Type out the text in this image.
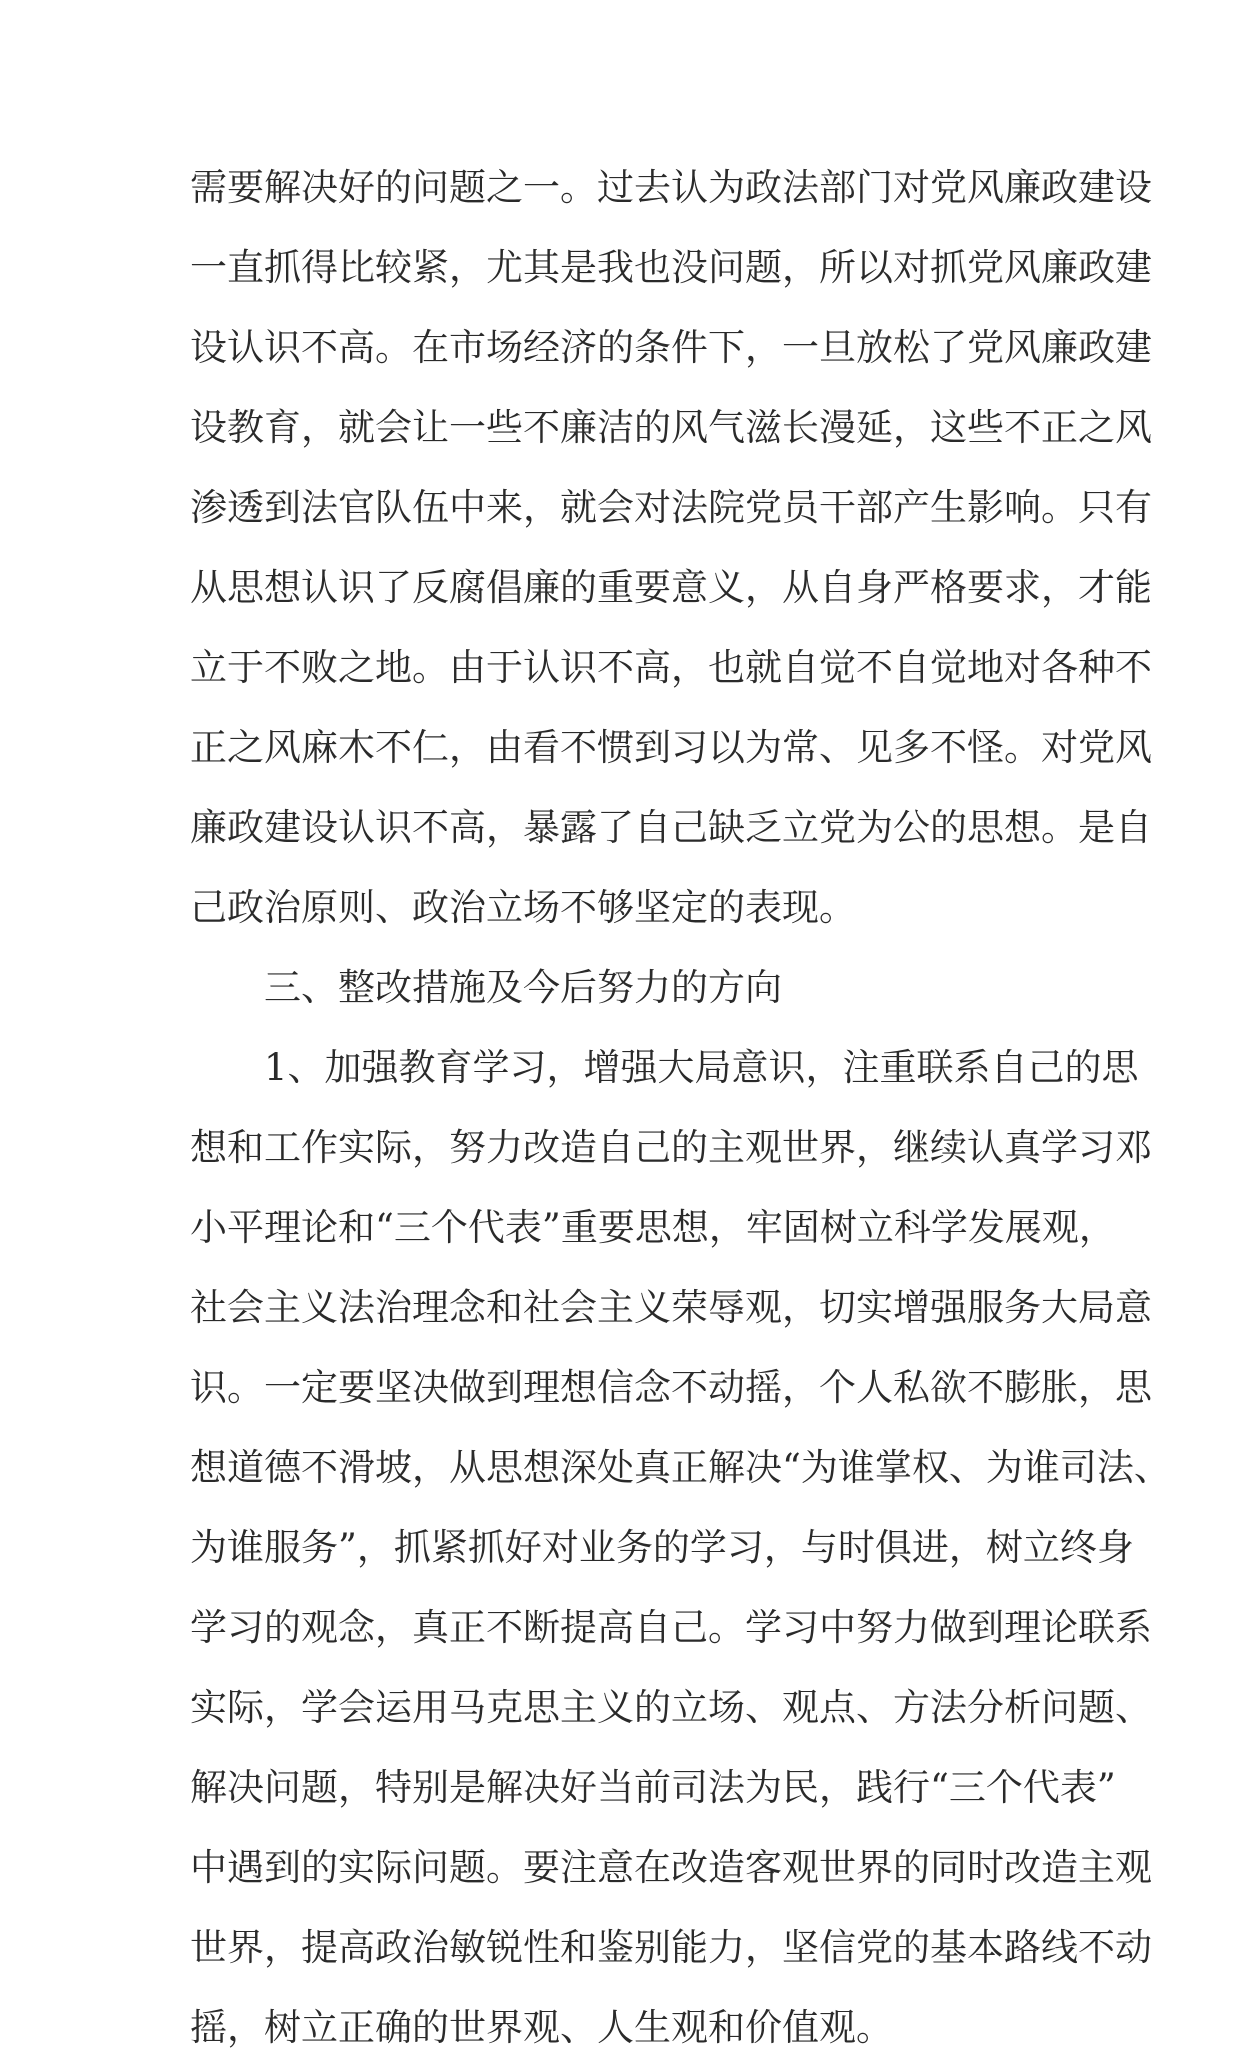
需要解决好的问题之一。过去认为政法部门对党风廉政建设
一直抓得比较紧，尤其是我也没问题，所以对抓党风廉政建
设认识不高。在市场经济的条件下，一旦放松了党风廉政建
设教育，就会让一些不廉洁的风气滋长漫延，这些不正之风
渗透到法官队伍中来，就会对法院党员干部产生影响。只有
从思想认识了反腐倡廉的重要意义，从自身严格要求，才能
立于不败之地。由于认识不高，也就自觉不自觉地对各种不
正之风麻木不仁，由看不惯到习以为常、见多不怪。对党风
廉政建设认识不高，暴露了自己缺乏立党为公的思想。是自
己政治原则、政治立场不够坚定的表现。
三、整改措施及今后努力的方向
1、加强教育学习，增强大局意识，注重联系自己的思
想和工作实际，努力改造自己的主观世界，继续认真学习邓
小平理论和“三个代表”重要思想，牢固树立科学发展观，
社会主义法治理念和社会主义荣辱观，切实增强服务大局意
识。一定要坚决做到理想信念不动摇，个人私欲不膨胀，思
想道德不滑坡，从思想深处真正解决“为谁掌权、为谁司法、
为谁服务”，抓紧抓好对业务的学习，与时俱进，树立终身
学习的观念，真正不断提高自己。学习中努力做到理论联系
实际，学会运用马克思主义的立场、观点、方法分析问题、
解决问题，特别是解决好当前司法为民，践行“三个代表”
中遇到的实际问题。要注意在改造客观世界的同时改造主观
世界，提高政治敏锐性和鉴别能力，坚信党的基本路线不动
摇，树立正确的世界观、人生观和价值观。
